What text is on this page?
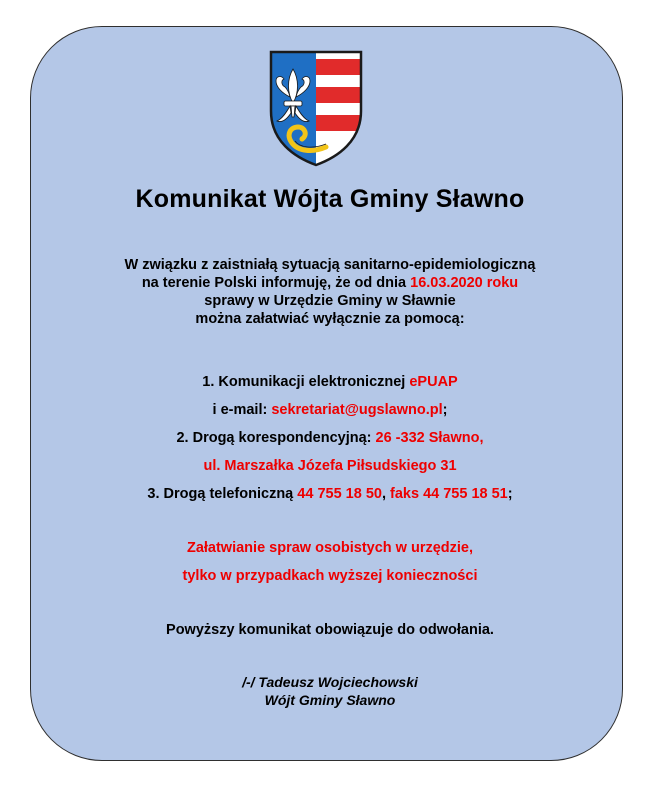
Komunikat Wójta Gminy Sławno
W związku z zaistniałą sytuacją sanitarno-epidemiologiczną
na terenie Polski informuję, że od dnia 16.03.2020 roku
sprawy w Urzędzie Gminy w Sławnie
można załatwiać wyłącznie za pomocą:
1. Komunikacji elektronicznej ePUAP
i e-mail: sekretariat@ugslawno.pl;
2. Drogą korespondencyjną: 26 -332 Sławno,
ul. Marszałka Józefa Piłsudskiego 31
3. Drogą telefoniczną 44 755 18 50, faks 44 755 18 51;
Załatwianie spraw osobistych w urzędzie,
tylko w przypadkach wyższej konieczności
Powyższy komunikat obowiązuje do odwołania.
/-/ Tadeusz Wojciechowski
Wójt Gminy Sławno
